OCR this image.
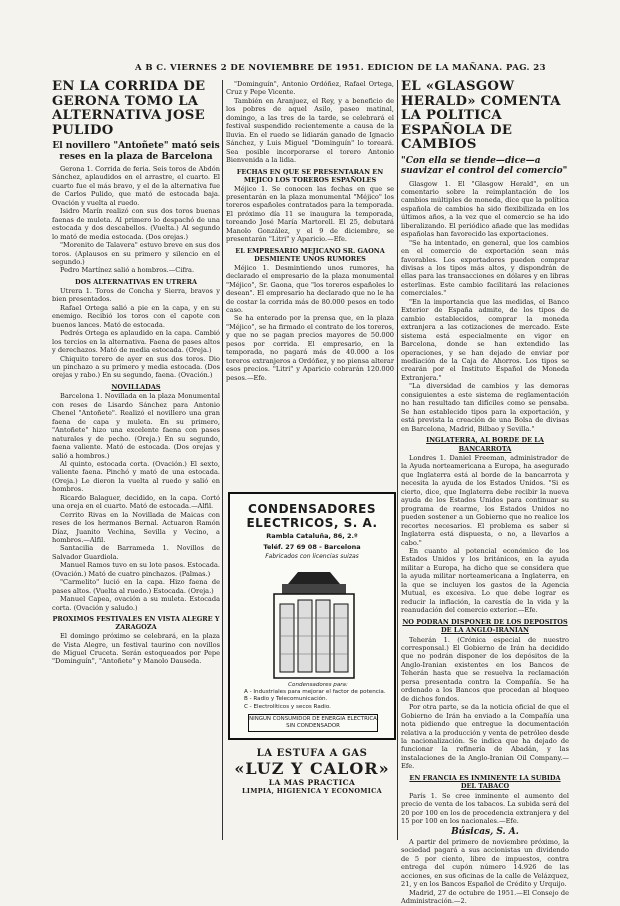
A B C. VIERNES 2 DE NOVIEMBRE DE 1951. EDICION DE LA MAÑANA. PAG. 23
EN LA CORRIDA DE GERONA TOMO LA ALTERNATIVA JOSE PULIDO
El novillero "Antoñete" mató seis reses en la plaza de Barcelona

Gerona 1. Corrida de feria. Seis toros de Abdón Sánchez, aplaudidos en el arrastre, el cuarto. El cuarto fue el más bravo, y el de la alternativa fue de Carlos Pulido, que mató de estocada baja. Ovación y vuelta al ruedo.

Isidro Marín realizó con sus dos toros buenas faenas de muleta. Al primero lo despachó de una estocada y dos descabellos. (Vuelta.) Al segundo lo mató de media estocada. (Dos orejas.)

"Morenito de Talavera" estuvo breve en sus dos toros. (Aplausos en su primero y silencio en el segundo.)

Pedro Martínez salió a hombros.—Cifra.

DOS ALTERNATIVAS EN UTRERA

Utrera 1. Toros de Concha y Sierra, bravos y bien presentados.

Rafael Ortega salió a pie en la capa, y en su enemigo. Recibió los toros con el capote con buenos lances. Mató de estocada.

Pedrés Ortega es aplaudido en la capa. Cambió los tercios en la alternativa. Faena de pases altos y derechazos. Mató de media estocada. (Oreja.)

Chiquito torero de ayer en sus dos toros. Dio un pinchazo a su primero y media estocada. (Dos orejas y rabo.) En su segundo, faena. (Ovación.)

NOVILLADAS

Barcelona 1. Novillada en la plaza Monumental con reses de Lisardo Sánchez para Antonio Chenel "Antoñete". Realizó el novillero una gran faena de capa y muleta. En su primero, "Antoñete" hizo una excelente faena con pases naturales y de pecho. (Oreja.) En su segundo, faena valiente. Mató de estocada. (Dos orejas y salió a hombros.)

Al quinto, estocada corta. (Ovación.) El sexto, valiente faena. Pinchó y mató de una estocada. (Oreja.) Le dieron la vuelta al ruedo y salió en hombros.

Ricardo Balaguer, decidido, en la capa. Cortó una oreja en el cuarto. Mató de estocada.—Alfil.

Cerrito Rivas en la Novillada de Maicas con reses de los hermanos Bernal. Actuaron Ramón Díaz, Juanito Vechina, Sevilla y Vecino, a hombros.—Alfil.

Santacilia de Barrameda 1. Novillos de Salvador Guardiola.

Manuel Ramos tuvo en su lote pasos. Estocada. (Ovación.) Mató de cuatro pinchazos. (Palmas.)

"Carmelito" lució en la capa. Hizo faena de pases altos. (Vuelta al ruedo.) Estocada. (Oreja.)

Manuel Capea, ovación a su muleta. Estocada corta. (Ovación y saludo.)

PROXIMOS FESTIVALES EN VISTA ALEGRE Y ZARAGOZA

El domingo próximo se celebrará, en la plaza de Vista Alegre, un festival taurino con novillos de Miguel Cruceta. Serán estoqueados por Pepe "Dominguín", "Antoñete" y Manolo Dauseda.

"Dominguín", Antonio Ordóñez, Rafael Ortega, Cruz y Pepe Vicente.

También en Aranjuez, el Rey, y a beneficio de los pobres de aquel Asilo, paseo matinal, domingo, a las tres de la tarde, se celebrará el festival suspendido recientemente a causa de la lluvia. En el ruedo se lidiarán ganado de Ignacio Sánchez, y Luis Miguel "Dominguín" lo toreará. Sea posible incorporarse el torero Antonio Bienvenida a la lidia.

FECHAS EN QUE SE PRESENTARAN EN MEJICO LOS TOREROS ESPAÑOLES

Méjico 1. Se conocen las fechas en que se presentarán en la plaza monumental "Méjico" los toreros españoles contratados para la temporada. El próximo día 11 se inaugura la temporada, toreando José María Martorell. El 25, debutará Manolo González, y el 9 de diciembre, se presentarán "Litri" y Aparicio.—Efe.

EL EMPRESARIO MEJICANO SR. GAONA DESMIENTE UNOS RUMORES

Méjico 1. Desmintiendo unos rumores, ha declarado el empresario de la plaza monumental "Méjico", Sr. Gaona, que "los toreros españoles lo desean". El empresario ha declarado que no le ha de costar la corrida más de 80.000 pesos en todo caso.

Se ha enterado por la prensa que, en la plaza "Méjico", se ha firmado el contrato de los toreros, y que no se pagan precios mayores de 50.000 pesos por corrida. El empresario, en la temporada, no pagará más de 40.000 a los toreros extranjeros a Ordóñez, y no piensa alterar esos precios. "Litri" y Aparicio cobrarán 120.000 pesos.—Efe.

CONDENSADORES ELECTRICOS, S. A.
Rambla Cataluña, 86, 2.º
Teléf. 27 69 08 - Barcelona
Fabricados con licencias suizas
Condensadores para:
A - Industriales para mejorar el factor de potencia.
B - Radio y Telecomunicación.
C - Electrolíticos y secos Radio.
NINGUN CONSUMIDOR DE ENERGIA ELECTRICA SIN CONDENSADOR
LA ESTUFA A GAS
«LUZ Y CALOR»
LA MAS PRACTICA
LIMPIA, HIGIENICA Y ECONOMICA
EL «GLASGOW HERALD» COMENTA LA POLITICA ESPAÑOLA DE CAMBIOS
"Con ella se tiende—dice—a suavizar el control del comercio"

Glasgow 1. El "Glasgow Herald", en un comentario sobre la reimplantación de los cambios múltiples de moneda, dice que la política española de cambios ha sido flexibilizada en los últimos años, a la vez que el comercio se ha ido liberalizando. El periódico añade que las medidas españolas han favorecido las exportaciones.

"Se ha intentado, en general, que los cambios en el comercio de exportación sean más favorables. Los exportadores pueden comprar divisas a los tipos más altos, y dispondrán de ellas para las transacciones en dólares y en libras esterlinas. Este cambio facilitará las relaciones comerciales."

"En la importancia que las medidas, el Banco Exterior de España admite, de los tipos de cambio establecidos, comprar la moneda extranjera a las cotizaciones de mercado. Este sistema está especialmente en vigor en Barcelona, donde se han extendido las operaciones, y se han dejado de enviar por mediación de la Caja de Ahorros. Los tipos se crearán por el Instituto Español de Moneda Extranjera."

"La diversidad de cambios y las demoras consiguientes a este sistema de reglamentación no han resultado tan difíciles como se pensaba. Se han establecido tipos para la exportación, y está prevista la creación de una Bolsa de divisas en Barcelona, Madrid, Bilbao y Sevilla."

INGLATERRA, AL BORDE DE LA BANCARROTA

Londres 1. Daniel Freeman, administrador de la Ayuda norteamericana a Europa, ha asegurado que Inglaterra está al borde de la bancarrota y necesita la ayuda de los Estados Unidos. "Si es cierto, dice, que Inglaterra debe recibir la nueva ayuda de los Estados Unidos para continuar su programa de rearme, los Estados Unidos no pueden sostener a un Gobierno que no realice los recortes necesarios. El problema es saber si Inglaterra está dispuesta, o no, a llevarlos a cabo."

En cuanto al potencial económico de los Estados Unidos y los británicos, en la ayuda militar a Europa, ha dicho que se considera que la ayuda militar norteamericana a Inglaterra, en la que se incluyen los gastos de la Agencia Mutual, es excesiva. Lo que debe lograr es reducir la inflación, la carestía de la vida y la reanudación del comercio exterior.—Efe.

NO PODRAN DISPONER DE LOS DEPOSITOS DE LA ANGLO-IRANIAN

Teherán 1. (Crónica especial de nuestro corresponsal.) El Gobierno de Irán ha decidido que no podrán disponer de los depósitos de la Anglo-Iranian existentes en los Bancos de Teherán hasta que se resuelva la reclamación persa presentada contra la Compañía. Se ha ordenado a los Bancos que procedan al bloqueo de dichos fondos.

Por otra parte, se da la noticia oficial de que el Gobierno de Irán ha enviado a la Compañía una nota pidiendo que entregue la documentación relativa a la producción y venta de petróleo desde la nacionalización. Se indica que ha dejado de funcionar la refinería de Abadán, y las instalaciones de la Anglo-Iranian Oil Company.—Efe.

EN FRANCIA ES INMINENTE LA SUBIDA DEL TABACO

París 1. Se cree inminente el aumento del precio de venta de los tabacos. La subida será del 20 por 100 en los de procedencia extranjera y del 15 por 100 en los nacionales.—Efe.

Búsicas, S. A.

A partir del primero de noviembre próximo, la sociedad pagará a sus accionistas un dividendo de 5 por ciento, libre de impuestos, contra entrega del cupón número 14.926 de las acciones, en sus oficinas de la calle de Velázquez, 21, y en los Bancos Español de Crédito y Urquijo.

Madrid, 27 de octubre de 1951.—El Consejo de Administración.—2.
